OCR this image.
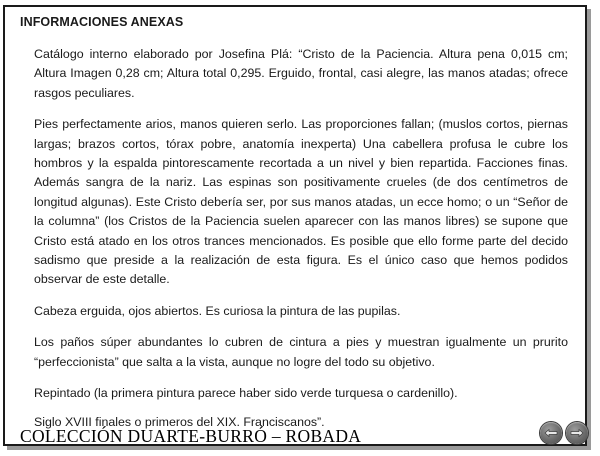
INFORMACIONES ANEXAS

Catálogo interno elaborado por Josefina Plá: “Cristo de la Paciencia. Altura pena 0,015 cm; Altura Imagen 0,28 cm; Altura total 0,295. Erguido, frontal, casi alegre, las manos atadas; ofrece rasgos peculiares.

Pies perfectamente arios, manos quieren serlo. Las proporciones fallan; (muslos cortos, piernas largas; brazos cortos, tórax pobre, anatomía inexperta) Una cabellera profusa le cubre los hombros y la espalda pintorescamente recortada a un nivel y bien repartida. Facciones finas. Además sangra de la nariz. Las espinas son positivamente crueles (de dos centímetros de longitud algunas). Este Cristo debería ser, por sus manos atadas, un ecce homo; o un “Señor de la columna” (los Cristos de la Paciencia suelen aparecer con las manos libres) se supone que Cristo está atado en los otros trances mencionados. Es posible que ello forme parte del decido sadismo que preside a la realización de esta figura. Es el único caso que hemos podidos observar de este detalle.

Cabeza erguida, ojos abiertos. Es curiosa la pintura de las pupilas.

Los paños súper abundantes lo cubren de cintura a pies y muestran igualmente un prurito “perfeccionista” que salta a la vista, aunque no logre del todo su objetivo.

Repintado (la primera pintura parece haber sido verde turquesa o cardenillo).

Siglo XVIII finales o primeros del XIX. Franciscanos”.

COLECCIÓN DUARTE-BURRÓ – ROBADA
